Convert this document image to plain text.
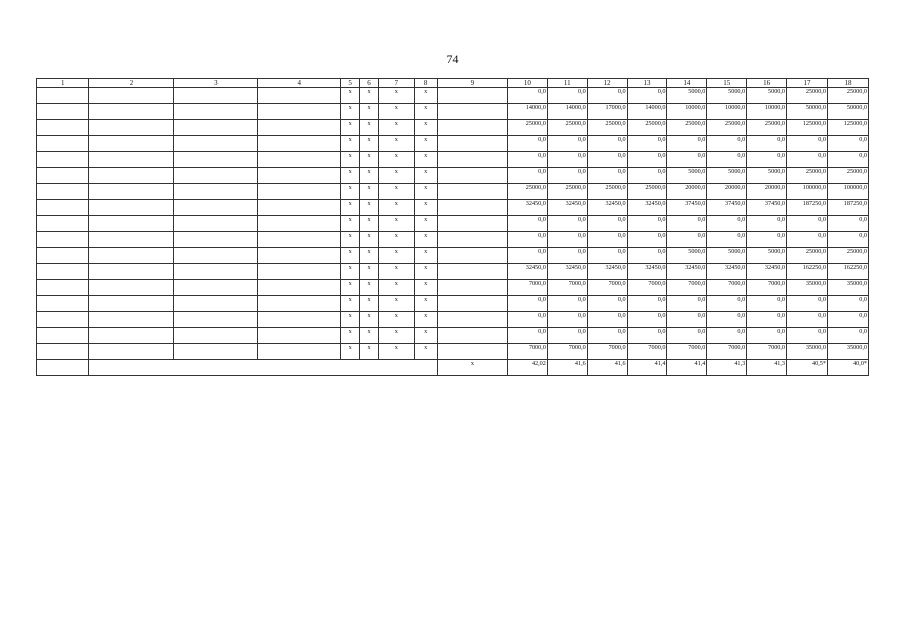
74
1	2	3	4	5	6	7	8	9	10	11	12	13	14	15	16	17	18
				x	x	x	x		0,0	0,0	0,0	0,0	5000,0	5000,0	5000,0	25000,0	25000,0
				x	x	x	x		14000,0	14000,0	17000,0	14000,0	10000,0	10000,0	10000,0	50000,0	50000,0
				x	x	x	x		25000,0	25000,0	25000,0	25000,0	25000,0	25000,0	25000,0	125000,0	125000,0
				x	x	x	x		0,0	0,0	0,0	0,0	0,0	0,0	0,0	0,0	0,0
				x	x	x	x		0,0	0,0	0,0	0,0	0,0	0,0	0,0	0,0	0,0
				x	x	x	x		0,0	0,0	0,0	0,0	5000,0	5000,0	5000,0	25000,0	25000,0
				x	x	x	x		25000,0	25000,0	25000,0	25000,0	20000,0	20000,0	20000,0	100000,0	100000,0
				x	x	x	x		32450,0	32450,0	32450,0	32450,0	37450,0	37450,0	37450,0	187250,0	187250,0
				x	x	x	x		0,0	0,0	0,0	0,0	0,0	0,0	0,0	0,0	0,0
				x	x	x	x		0,0	0,0	0,0	0,0	0,0	0,0	0,0	0,0	0,0
				x	x	x	x		0,0	0,0	0,0	0,0	5000,0	5000,0	5000,0	25000,0	25000,0
				x	x	x	x		32450,0	32450,0	32450,0	32450,0	32450,0	32450,0	32450,0	162250,0	162250,0
				x	x	x	x		7000,0	7000,0	7000,0	7000,0	7000,0	7000,0	7000,0	35000,0	35000,0
				x	x	x	x		0,0	0,0	0,0	0,0	0,0	0,0	0,0	0,0	0,0
				x	x	x	x		0,0	0,0	0,0	0,0	0,0	0,0	0,0	0,0	0,0
				x	x	x	x		0,0	0,0	0,0	0,0	0,0	0,0	0,0	0,0	0,0
				x	x	x	x		7000,0	7000,0	7000,0	7000,0	7000,0	7000,0	7000,0	35000,0	35000,0
								x	42,02	41,6	41,6	41,4	41,4	41,3	41,3	40,5*	40,0*
